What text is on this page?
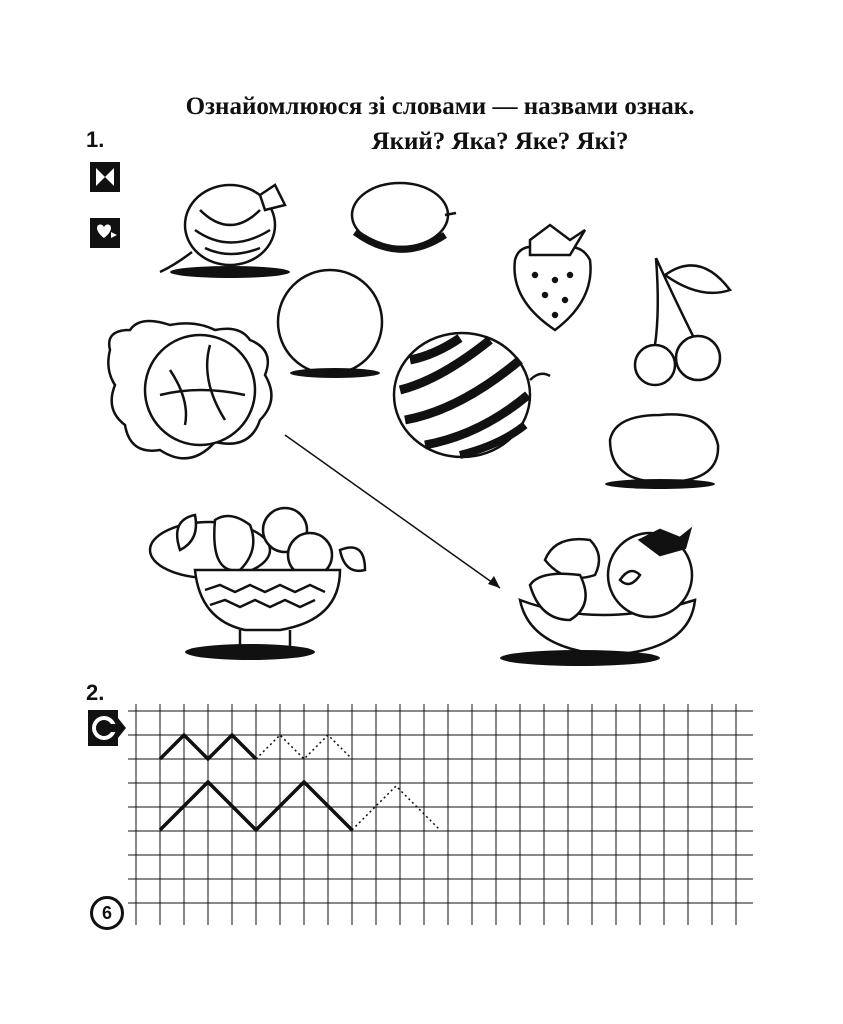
Ознайомлююся зі словами — назвами ознак.
Який? Яка? Яке? Які?
1.
2.
6
